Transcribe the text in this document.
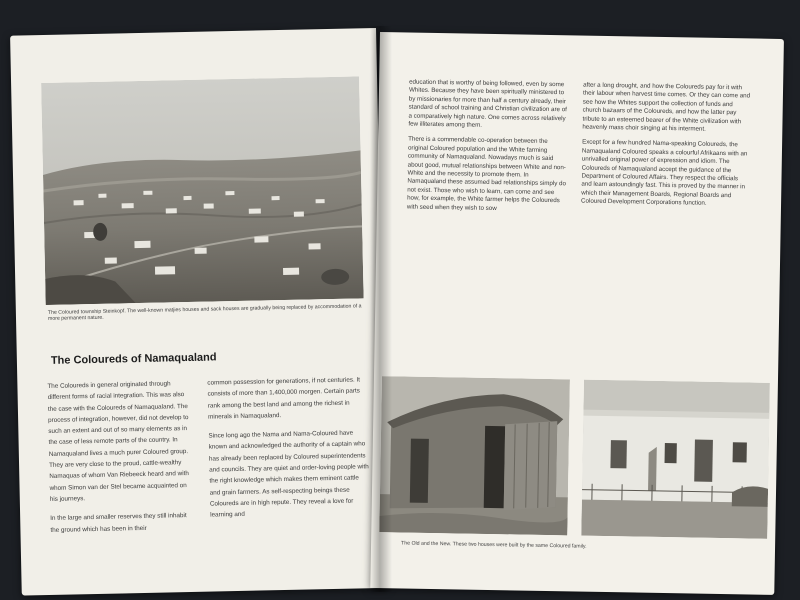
The Coloured township Steinkopf. The well-known matjies houses and sack houses are gradually being replaced by accommodation of a more permanent nature.
The Coloureds of Namaqualand

The Coloureds in general originated through different forms of racial integration. This was also the case with the Coloureds of Namaqualand. The process of integration, however, did not develop to such an extent and out of so many elements as in the case of less remote parts of the country. In Namaqualand lives a much purer Coloured group. They are very close to the proud, cattle-wealthy Namaquas of whom Van Riebeeck heard and with whom Simon van der Stel became acquainted on his journeys.

In the large and smaller reserves they still inhabit the ground which has been in their

common possession for generations, if not centuries. It consists of more than 1,400,000 morgen. Certain parts rank among the best land and among the richest in minerals in Namaqualand.

Since long ago the Nama and Nama-Coloured have known and acknowledged the authority of a captain who has already been replaced by Coloured superintendents and councils. They are quiet and order-loving people with the right knowledge which makes them eminent cattle and grain farmers. As self-respecting beings these Coloureds are in high repute. They reveal a love for learning and

education that is worthy of being followed, even by some Whites. Because they have been spiritually ministered to by missionaries for more than half a century already, their standard of school training and Christian civilization are of a comparatively high nature. One comes across relatively few illiterates among them.

There is a commendable co-operation between the original Coloured population and the White farming community of Namaqualand. Nowadays much is said about good, mutual relationships between White and non-White and the necessity to promote them. In Namaqualand these assumed bad relationships simply do not exist. Those who wish to learn, can come and see how, for example, the White farmer helps the Coloureds with seed when they wish to sow

after a long drought, and how the Coloureds pay for it with their labour when harvest time comes. Or they can come and see how the Whites support the collection of funds and church bazaars of the Coloureds, and how the latter pay tribute to an esteemed bearer of the White civilization with heavenly mass choir singing at his interment.

Except for a few hundred Nama-speaking Coloureds, the Namaqualand Coloured speaks a colourful Afrikaans with an unrivalled original power of expression and idiom. The Coloureds of Namaqualand accept the guidance of the Department of Coloured Affairs. They respect the officials and learn astoundingly fast. This is proved by the manner in which their Management Boards, Regional Boards and Coloured Development Corporations function.

The Old and the New. These two houses were built by the same Coloured family.
